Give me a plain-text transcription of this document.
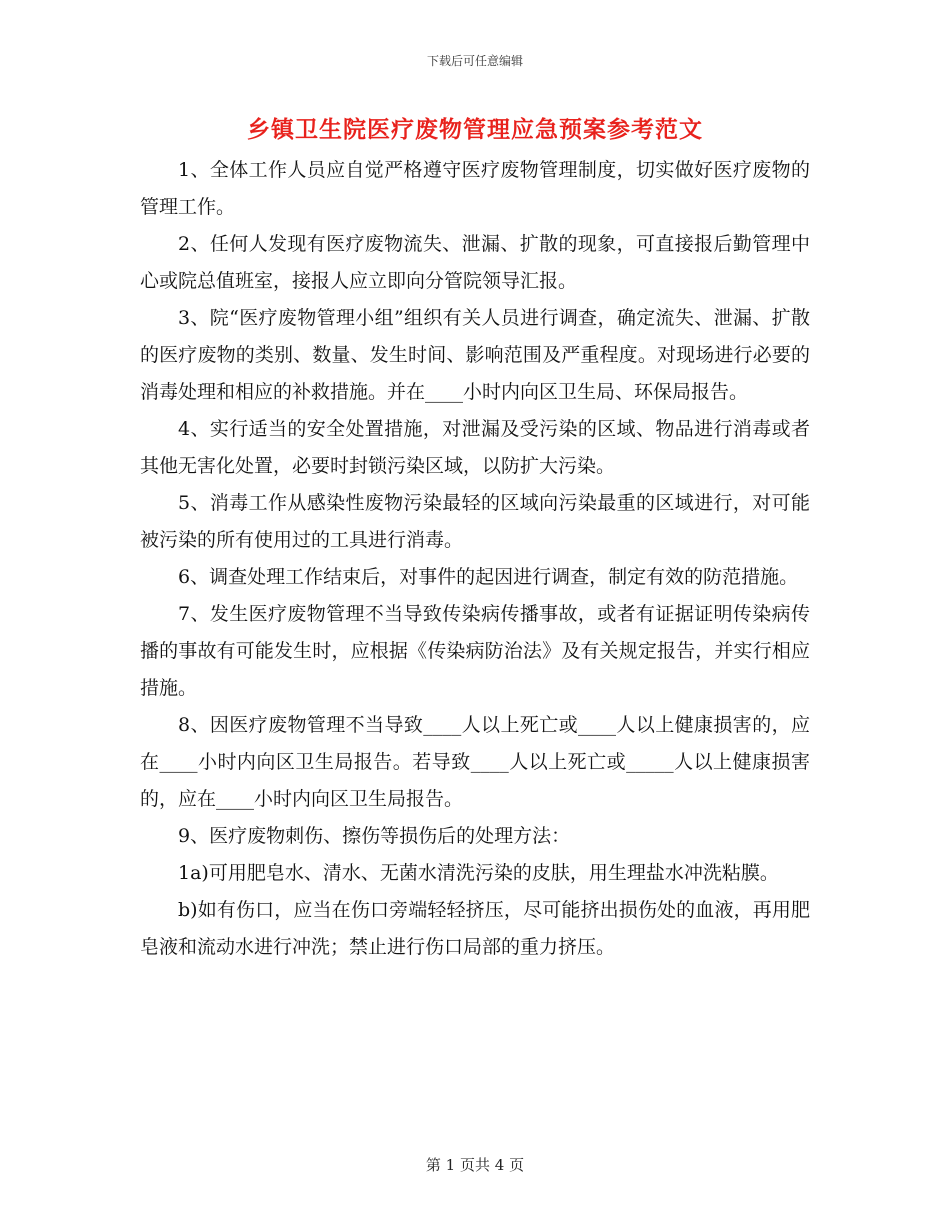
下载后可任意编辑
乡镇卫生院医疗废物管理应急预案参考范文

1、全体工作人员应自觉严格遵守医疗废物管理制度，切实做好医疗废物的管理工作。

2、任何人发现有医疗废物流失、泄漏、扩散的现象，可直接报后勤管理中心或院总值班室，接报人应立即向分管院领导汇报。

3、院“医疗废物管理小组”组织有关人员进行调查，确定流失、泄漏、扩散的医疗废物的类别、数量、发生时间、影响范围及严重程度。对现场进行必要的消毒处理和相应的补救措施。并在____小时内向区卫生局、环保局报告。

4、实行适当的安全处置措施，对泄漏及受污染的区域、物品进行消毒或者其他无害化处置，必要时封锁污染区域，以防扩大污染。

5、消毒工作从感染性废物污染最轻的区域向污染最重的区域进行，对可能被污染的所有使用过的工具进行消毒。

6、调查处理工作结束后，对事件的起因进行调查，制定有效的防范措施。

7、发生医疗废物管理不当导致传染病传播事故，或者有证据证明传染病传播的事故有可能发生时，应根据《传染病防治法》及有关规定报告，并实行相应措施。

8、因医疗废物管理不当导致____人以上死亡或____人以上健康损害的，应在____小时内向区卫生局报告。若导致____人以上死亡或_____人以上健康损害的，应在____小时内向区卫生局报告。

9、医疗废物刺伤、擦伤等损伤后的处理方法：

1a)可用肥皂水、清水、无菌水清洗污染的皮肤，用生理盐水冲洗粘膜。

b)如有伤口，应当在伤口旁端轻轻挤压，尽可能挤出损伤处的血液，再用肥皂液和流动水进行冲洗；禁止进行伤口局部的重力挤压。

第 1 页共 4 页
